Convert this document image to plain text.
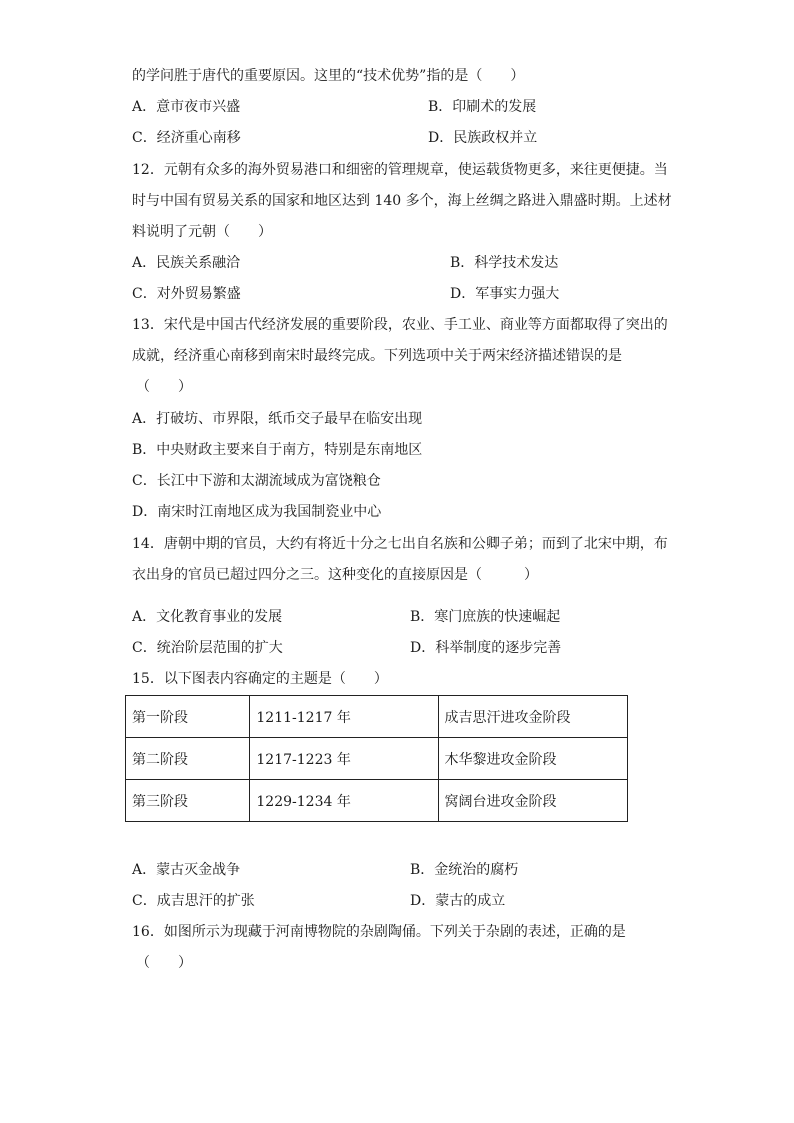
的学问胜于唐代的重要原因。这里的“技术优势”指的是（　　）
A．意市夜市兴盛	B．印刷术的发展
C．经济重心南移	D．民族政权并立
12．元朝有众多的海外贸易港口和细密的管理规章，使运载货物更多，来往更便捷。当
时与中国有贸易关系的国家和地区达到 140 多个，海上丝绸之路进入鼎盛时期。上述材
料说明了元朝（　　）
A．民族关系融洽	B．科学技术发达
C．对外贸易繁盛	D．军事实力强大
13．宋代是中国古代经济发展的重要阶段，农业、手工业、商业等方面都取得了突出的
成就，经济重心南移到南宋时最终完成。下列选项中关于两宋经济描述错误的是
（　　）
A．打破坊、市界限，纸币交子最早在临安出现
B．中央财政主要来自于南方，特别是东南地区
C．长江中下游和太湖流域成为富饶粮仓
D．南宋时江南地区成为我国制瓷业中心
14．唐朝中期的官员，大约有将近十分之七出自名族和公卿子弟；而到了北宋中期，布
衣出身的官员已超过四分之三。这种变化的直接原因是（　　　）
A．文化教育事业的发展	B．寒门庶族的快速崛起
C．统治阶层范围的扩大	D．科举制度的逐步完善
15．以下图表内容确定的主题是（　　）
第一阶段	1211-1217 年	成吉思汗进攻金阶段
第二阶段	1217-1223 年	木华黎进攻金阶段
第三阶段	1229-1234 年	窝阔台进攻金阶段
A．蒙古灭金战争	B．金统治的腐朽
C．成吉思汗的扩张	D．蒙古的成立
16．如图所示为现藏于河南博物院的杂剧陶俑。下列关于杂剧的表述，正确的是
（　　）
